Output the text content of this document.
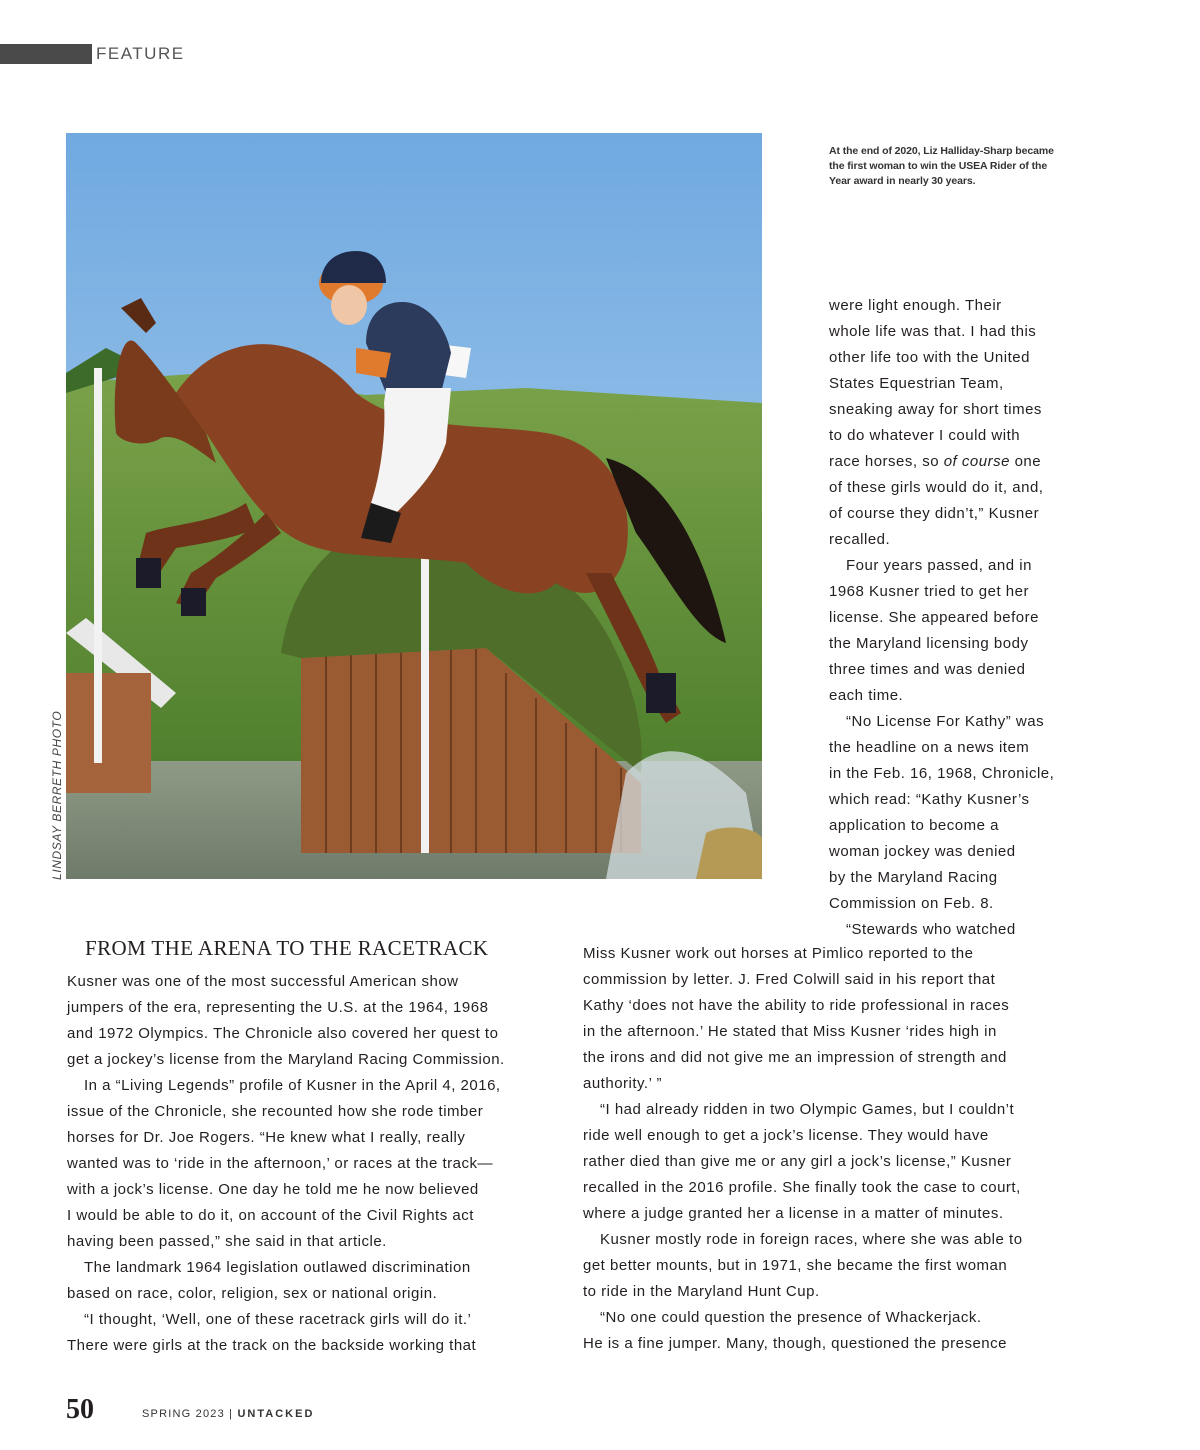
FEATURE
LINDSAY BERRETH PHOTO
At the end of 2020, Liz Halliday-Sharp became the first woman to win the USEA Rider of the Year award in nearly 30 years.
were light enough. Their
whole life was that. I had this
other life too with the United
States Equestrian Team,
sneaking away for short times
to do whatever I could with
race horses, so of course one
of these girls would do it, and,
of course they didn’t,” Kusner
recalled.
Four years passed, and in
1968 Kusner tried to get her
license. She appeared before
the Maryland licensing body
three times and was denied
each time.
“No License For Kathy” was
the headline on a news item
in the Feb. 16, 1968, Chronicle,
which read: “Kathy Kusner’s
application to become a
woman jockey was denied
by the Maryland Racing
Commission on Feb. 8.
“Stewards who watched
FROM THE ARENA TO THE RACETRACK
Kusner was one of the most successful American show
jumpers of the era, representing the U.S. at the 1964, 1968
and 1972 Olympics. The Chronicle also covered her quest to
get a jockey’s license from the Maryland Racing Commission.
In a “Living Legends” profile of Kusner in the April 4, 2016,
issue of the Chronicle, she recounted how she rode timber
horses for Dr. Joe Rogers. “He knew what I really, really
wanted was to ‘ride in the afternoon,’ or races at the track—
with a jock’s license. One day he told me he now believed
I would be able to do it, on account of the Civil Rights act
having been passed,” she said in that article.
The landmark 1964 legislation outlawed discrimination
based on race, color, religion, sex or national origin.
“I thought, ‘Well, one of these racetrack girls will do it.’
There were girls at the track on the backside working that
Miss Kusner work out horses at Pimlico reported to the
commission by letter. J. Fred Colwill said in his report that
Kathy ‘does not have the ability to ride professional in races
in the afternoon.’ He stated that Miss Kusner ‘rides high in
the irons and did not give me an impression of strength and
authority.’ ”
“I had already ridden in two Olympic Games, but I couldn’t
ride well enough to get a jock’s license. They would have
rather died than give me or any girl a jock’s license,” Kusner
recalled in the 2016 profile. She finally took the case to court,
where a judge granted her a license in a matter of minutes.
Kusner mostly rode in foreign races, where she was able to
get better mounts, but in 1971, she became the first woman
to ride in the Maryland Hunt Cup.
“No one could question the presence of Whackerjack.
He is a fine jumper. Many, though, questioned the presence
50	SPRING 2023 | UNTACKED
